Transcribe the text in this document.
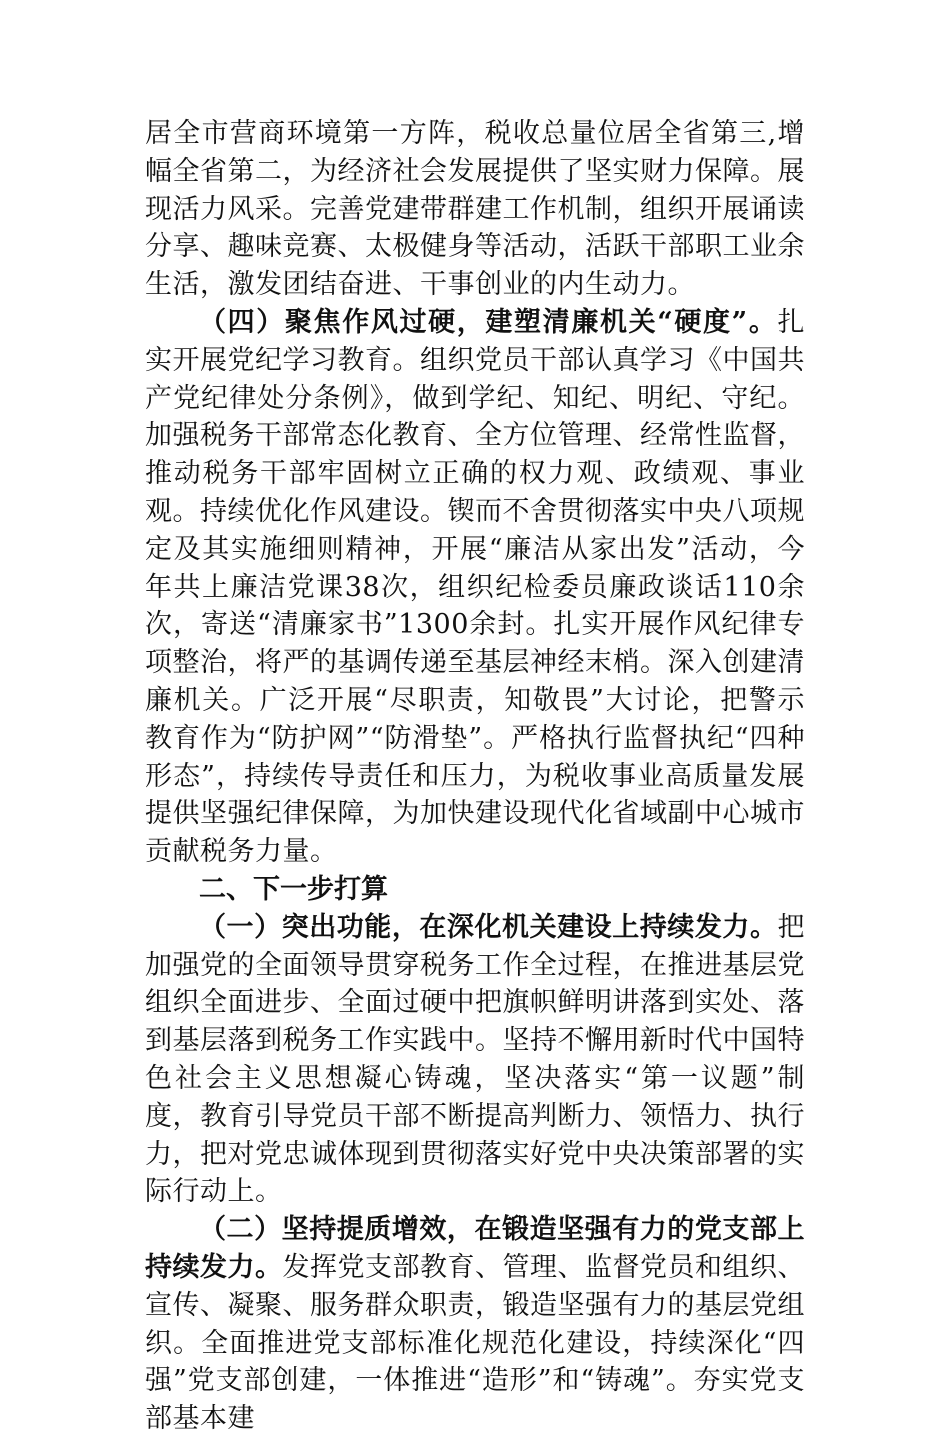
居全市营商环境第一方阵，税收总量位居全省第三,增幅全省第二，为经济社会发展提供了坚实财力保障。展现活力风采。完善党建带群建工作机制，组织开展诵读分享、趣味竞赛、太极健身等活动，活跃干部职工业余生活，激发团结奋进、干事创业的内生动力。

（四）聚焦作风过硬，建塑清廉机关“硬度”。扎实开展党纪学习教育。组织党员干部认真学习《中国共产党纪律处分条例》，做到学纪、知纪、明纪、守纪。加强税务干部常态化教育、全方位管理、经常性监督，推动税务干部牢固树立正确的权力观、政绩观、事业观。持续优化作风建设。锲而不舍贯彻落实中央八项规定及其实施细则精神，开展“廉洁从家出发”活动，今年共上廉洁党课38次，组织纪检委员廉政谈话110余次，寄送“清廉家书”1300余封。扎实开展作风纪律专项整治，将严的基调传递至基层神经末梢。深入创建清廉机关。广泛开展“尽职责，知敬畏”大讨论，把警示教育作为“防护网”“防滑垫”。严格执行监督执纪“四种形态”，持续传导责任和压力，为税收事业高质量发展提供坚强纪律保障，为加快建设现代化省域副中心城市贡献税务力量。

二、下一步打算

（一）突出功能，在深化机关建设上持续发力。把加强党的全面领导贯穿税务工作全过程，在推进基层党组织全面进步、全面过硬中把旗帜鲜明讲落到实处、落到基层落到税务工作实践中。坚持不懈用新时代中国特色社会主义思想凝心铸魂，坚决落实“第一议题”制度，教育引导党员干部不断提高判断力、领悟力、执行力，把对党忠诚体现到贯彻落实好党中央决策部署的实际行动上。

（二）坚持提质增效，在锻造坚强有力的党支部上持续发力。发挥党支部教育、管理、监督党员和组织、宣传、凝聚、服务群众职责，锻造坚强有力的基层党组织。全面推进党支部标准化规范化建设，持续深化“四强”党支部创建，一体推进“造形”和“铸魂”。夯实党支部基本建
